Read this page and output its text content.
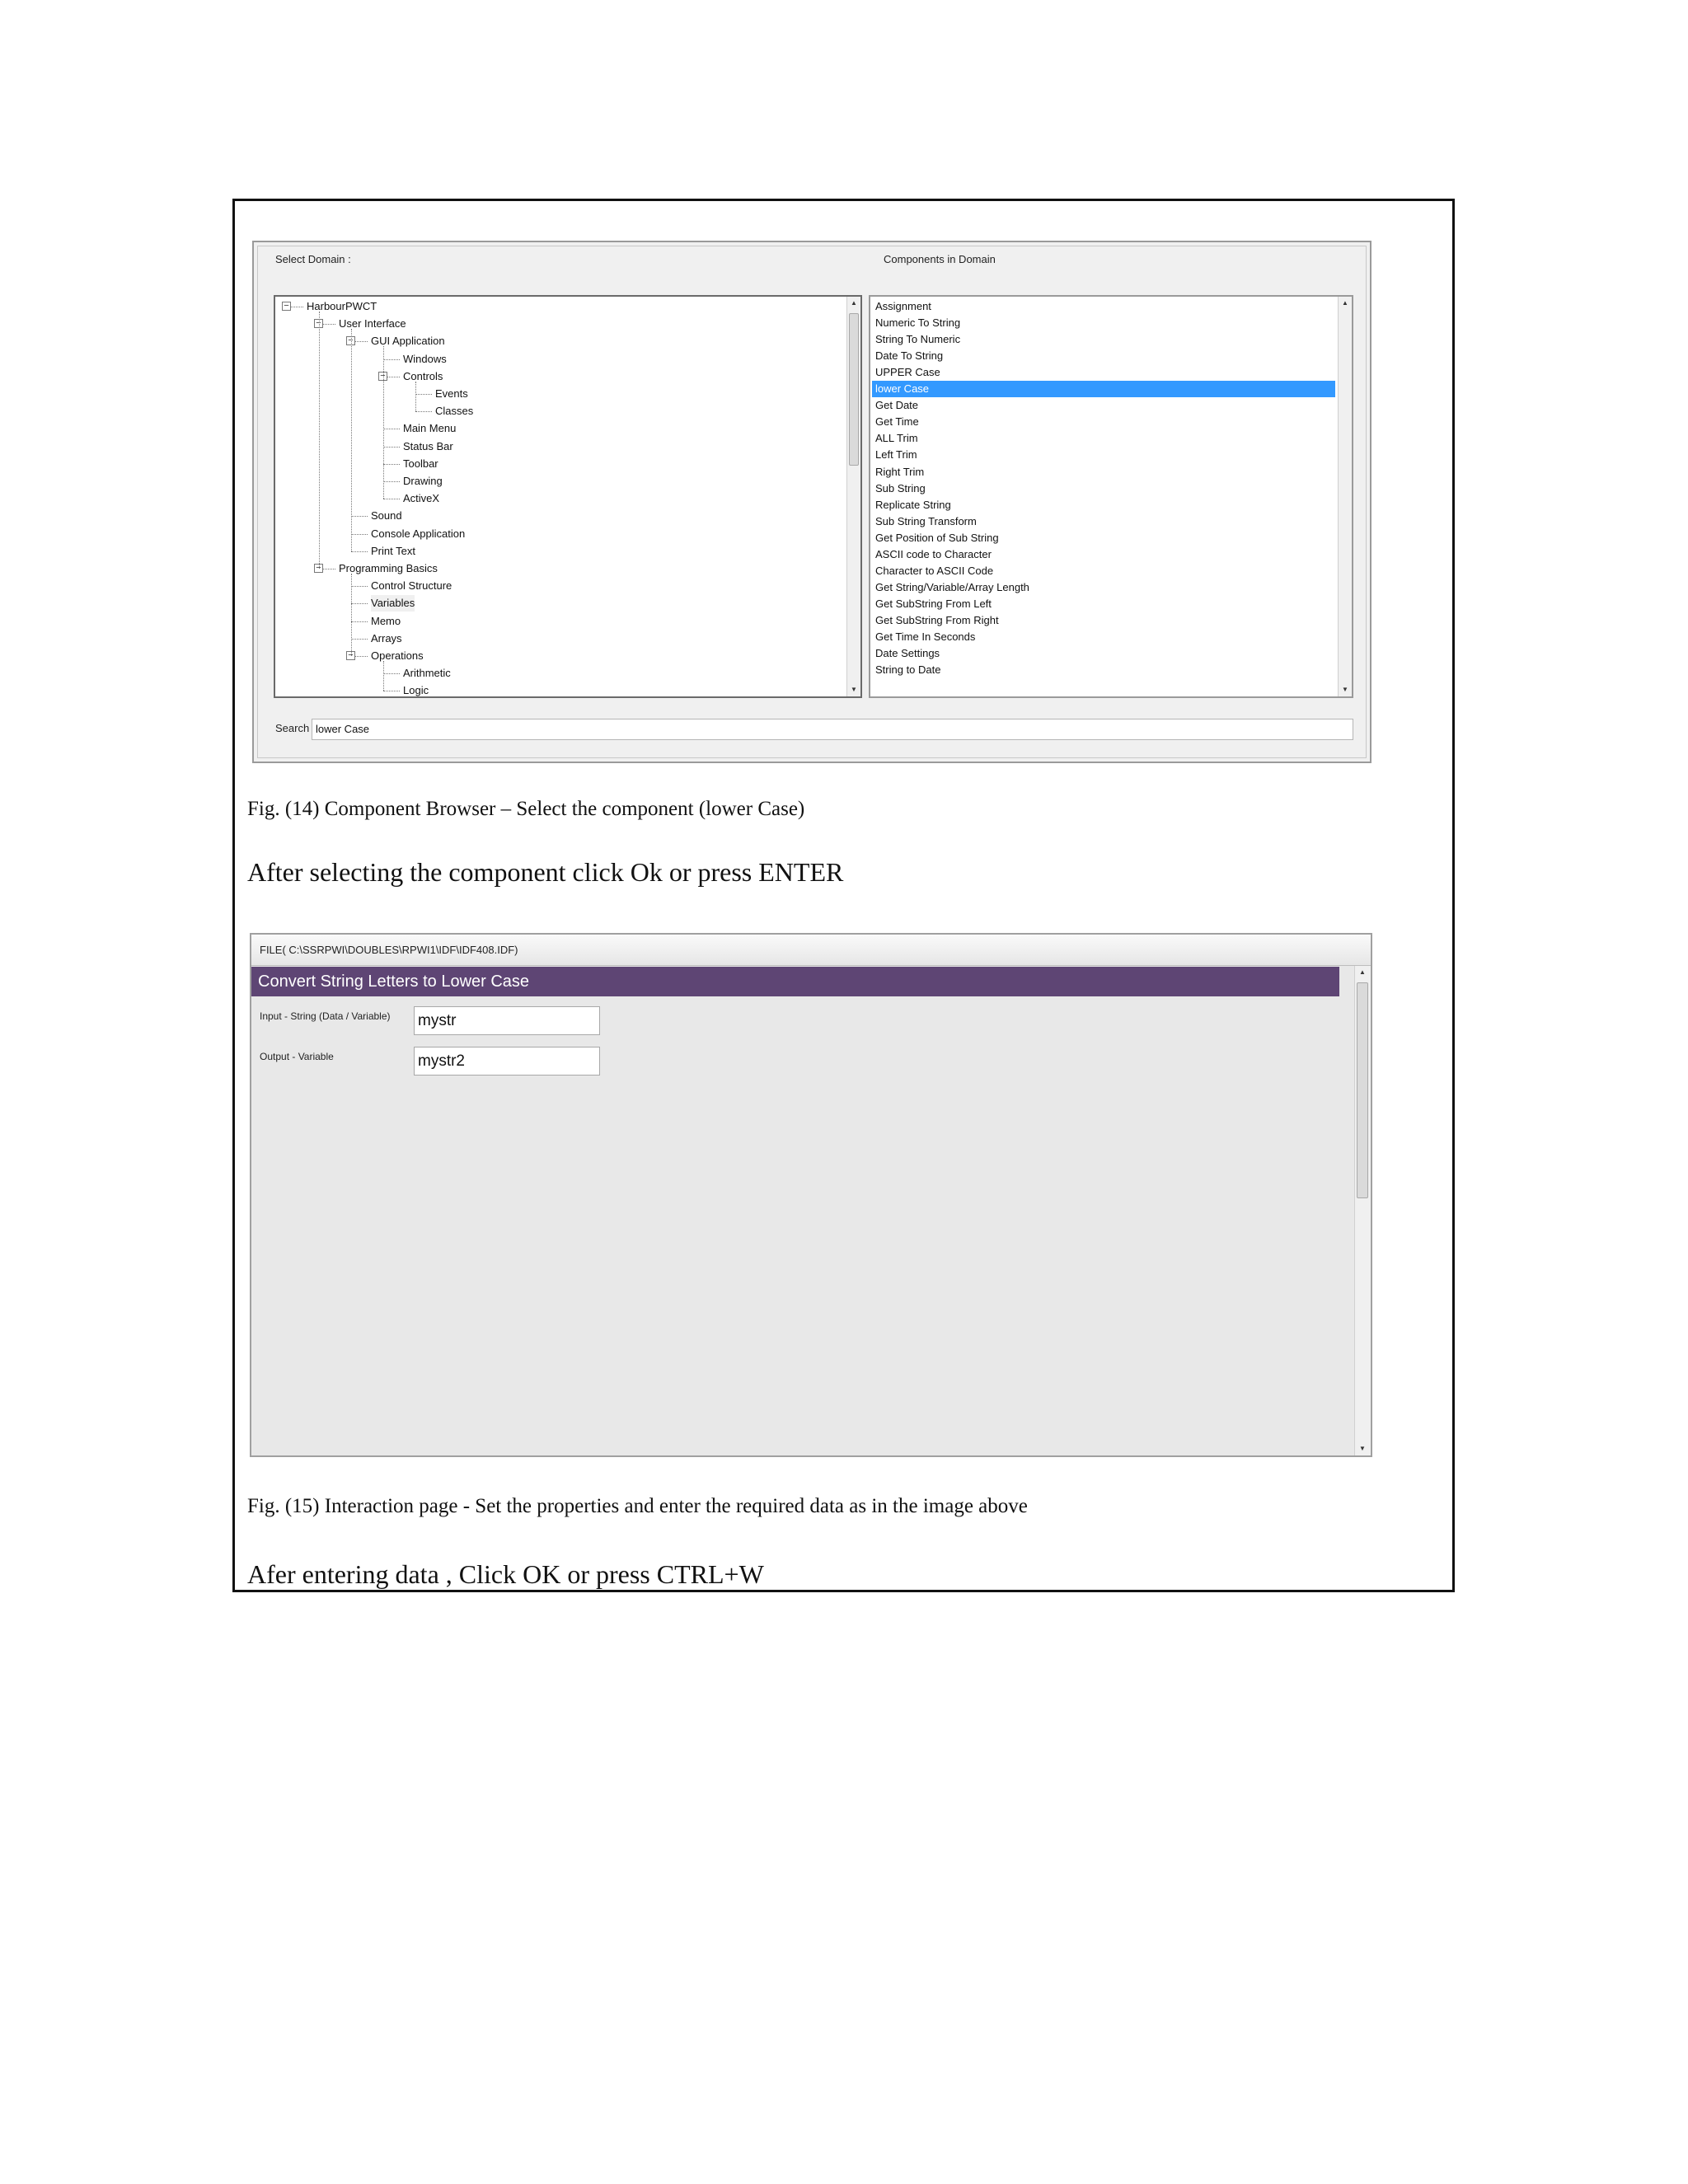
Select Domain :	Components in Domain
▲
▼
− HarbourPWCT
− User Interface
− GUI Application
Windows
− Controls
Events
Classes
Main Menu
Status Bar
Toolbar
Drawing
ActiveX
Sound
Console Application
Print Text
− Programming Basics
Control Structure
Variables
Memo
Arrays
− Operations
Arithmetic
Logic
▲
▼
Assignment
Numeric To String
String To Numeric
Date To String
UPPER Case
lower Case
Get Date
Get Time
ALL Trim
Left Trim
Right Trim
Sub String
Replicate String
Sub String Transform
Get Position of Sub String
ASCII code to Character
Character to ASCII Code
Get String/Variable/Array Length
Get SubString From Left
Get SubString From Right
Get Time In Seconds
Date Settings
String to Date
Search lower Case
Fig. (14) Component Browser – Select the component (lower Case)
After selecting the component click Ok or press ENTER
FILE( C:\SSRPWI\DOUBLES\RPWI1\IDF\IDF408.IDF)
Convert String Letters to Lower Case
Input - String (Data / Variable) mystr
Output - Variable	mystr2
▲
▼
Fig. (15) Interaction page - Set the properties and enter the required data as in the image above
Afer entering data , Click OK or press CTRL+W
